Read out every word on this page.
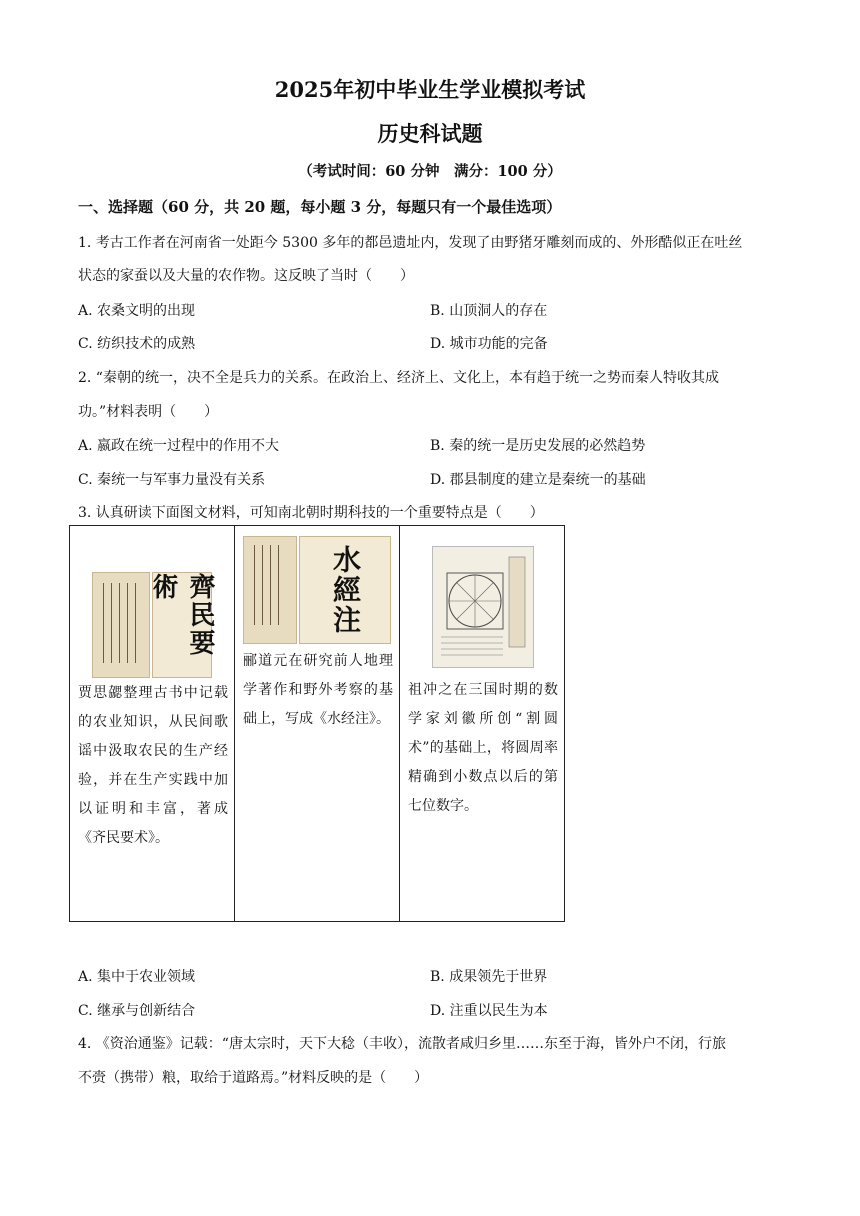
2025年初中毕业生学业模拟考试
历史科试题
（考试时间：60 分钟　满分：100 分）
一、选择题（60 分，共 20 题，每小题 3 分，每题只有一个最佳选项）
1. 考古工作者在河南省一处距今 5300 多年的都邑遗址内，发现了由野猪牙雕刻而成的、外形酷似正在吐丝
状态的家蚕以及大量的农作物。这反映了当时（　　）
A. 农桑文明的出现	B. 山顶洞人的存在
C. 纺织技术的成熟	D. 城市功能的完备
2. “秦朝的统一，决不全是兵力的关系。在政治上、经济上、文化上，本有趋于统一之势而秦人特收其成
功。”材料表明（　　）
A. 嬴政在统一过程中的作用不大	B. 秦的统一是历史发展的必然趋势
C. 秦统一与军事力量没有关系	D. 郡县制度的建立是秦统一的基础
3. 认真研读下面图文材料，可知南北朝时期科技的一个重要特点是（　　）
齊民要術
贾思勰整理古书中记载的农业知识，从民间歌谣中汲取农民的生产经验，并在生产实践中加以证明和丰富，著成《齐民要术》。

水經注
郦道元在研究前人地理学著作和野外考察的基础上，写成《水经注》。

祖冲之在三国时期的数学家刘徽所创“割圆术”的基础上，将圆周率精确到小数点以后的第七位数字。
A. 集中于农业领域	B. 成果领先于世界
C. 继承与创新结合	D. 注重以民生为本
4. 《资治通鉴》记载：“唐太宗时，天下大稔（丰收），流散者咸归乡里……东至于海，皆外户不闭，行旅
不赍（携带）粮，取给于道路焉。”材料反映的是（　　）
